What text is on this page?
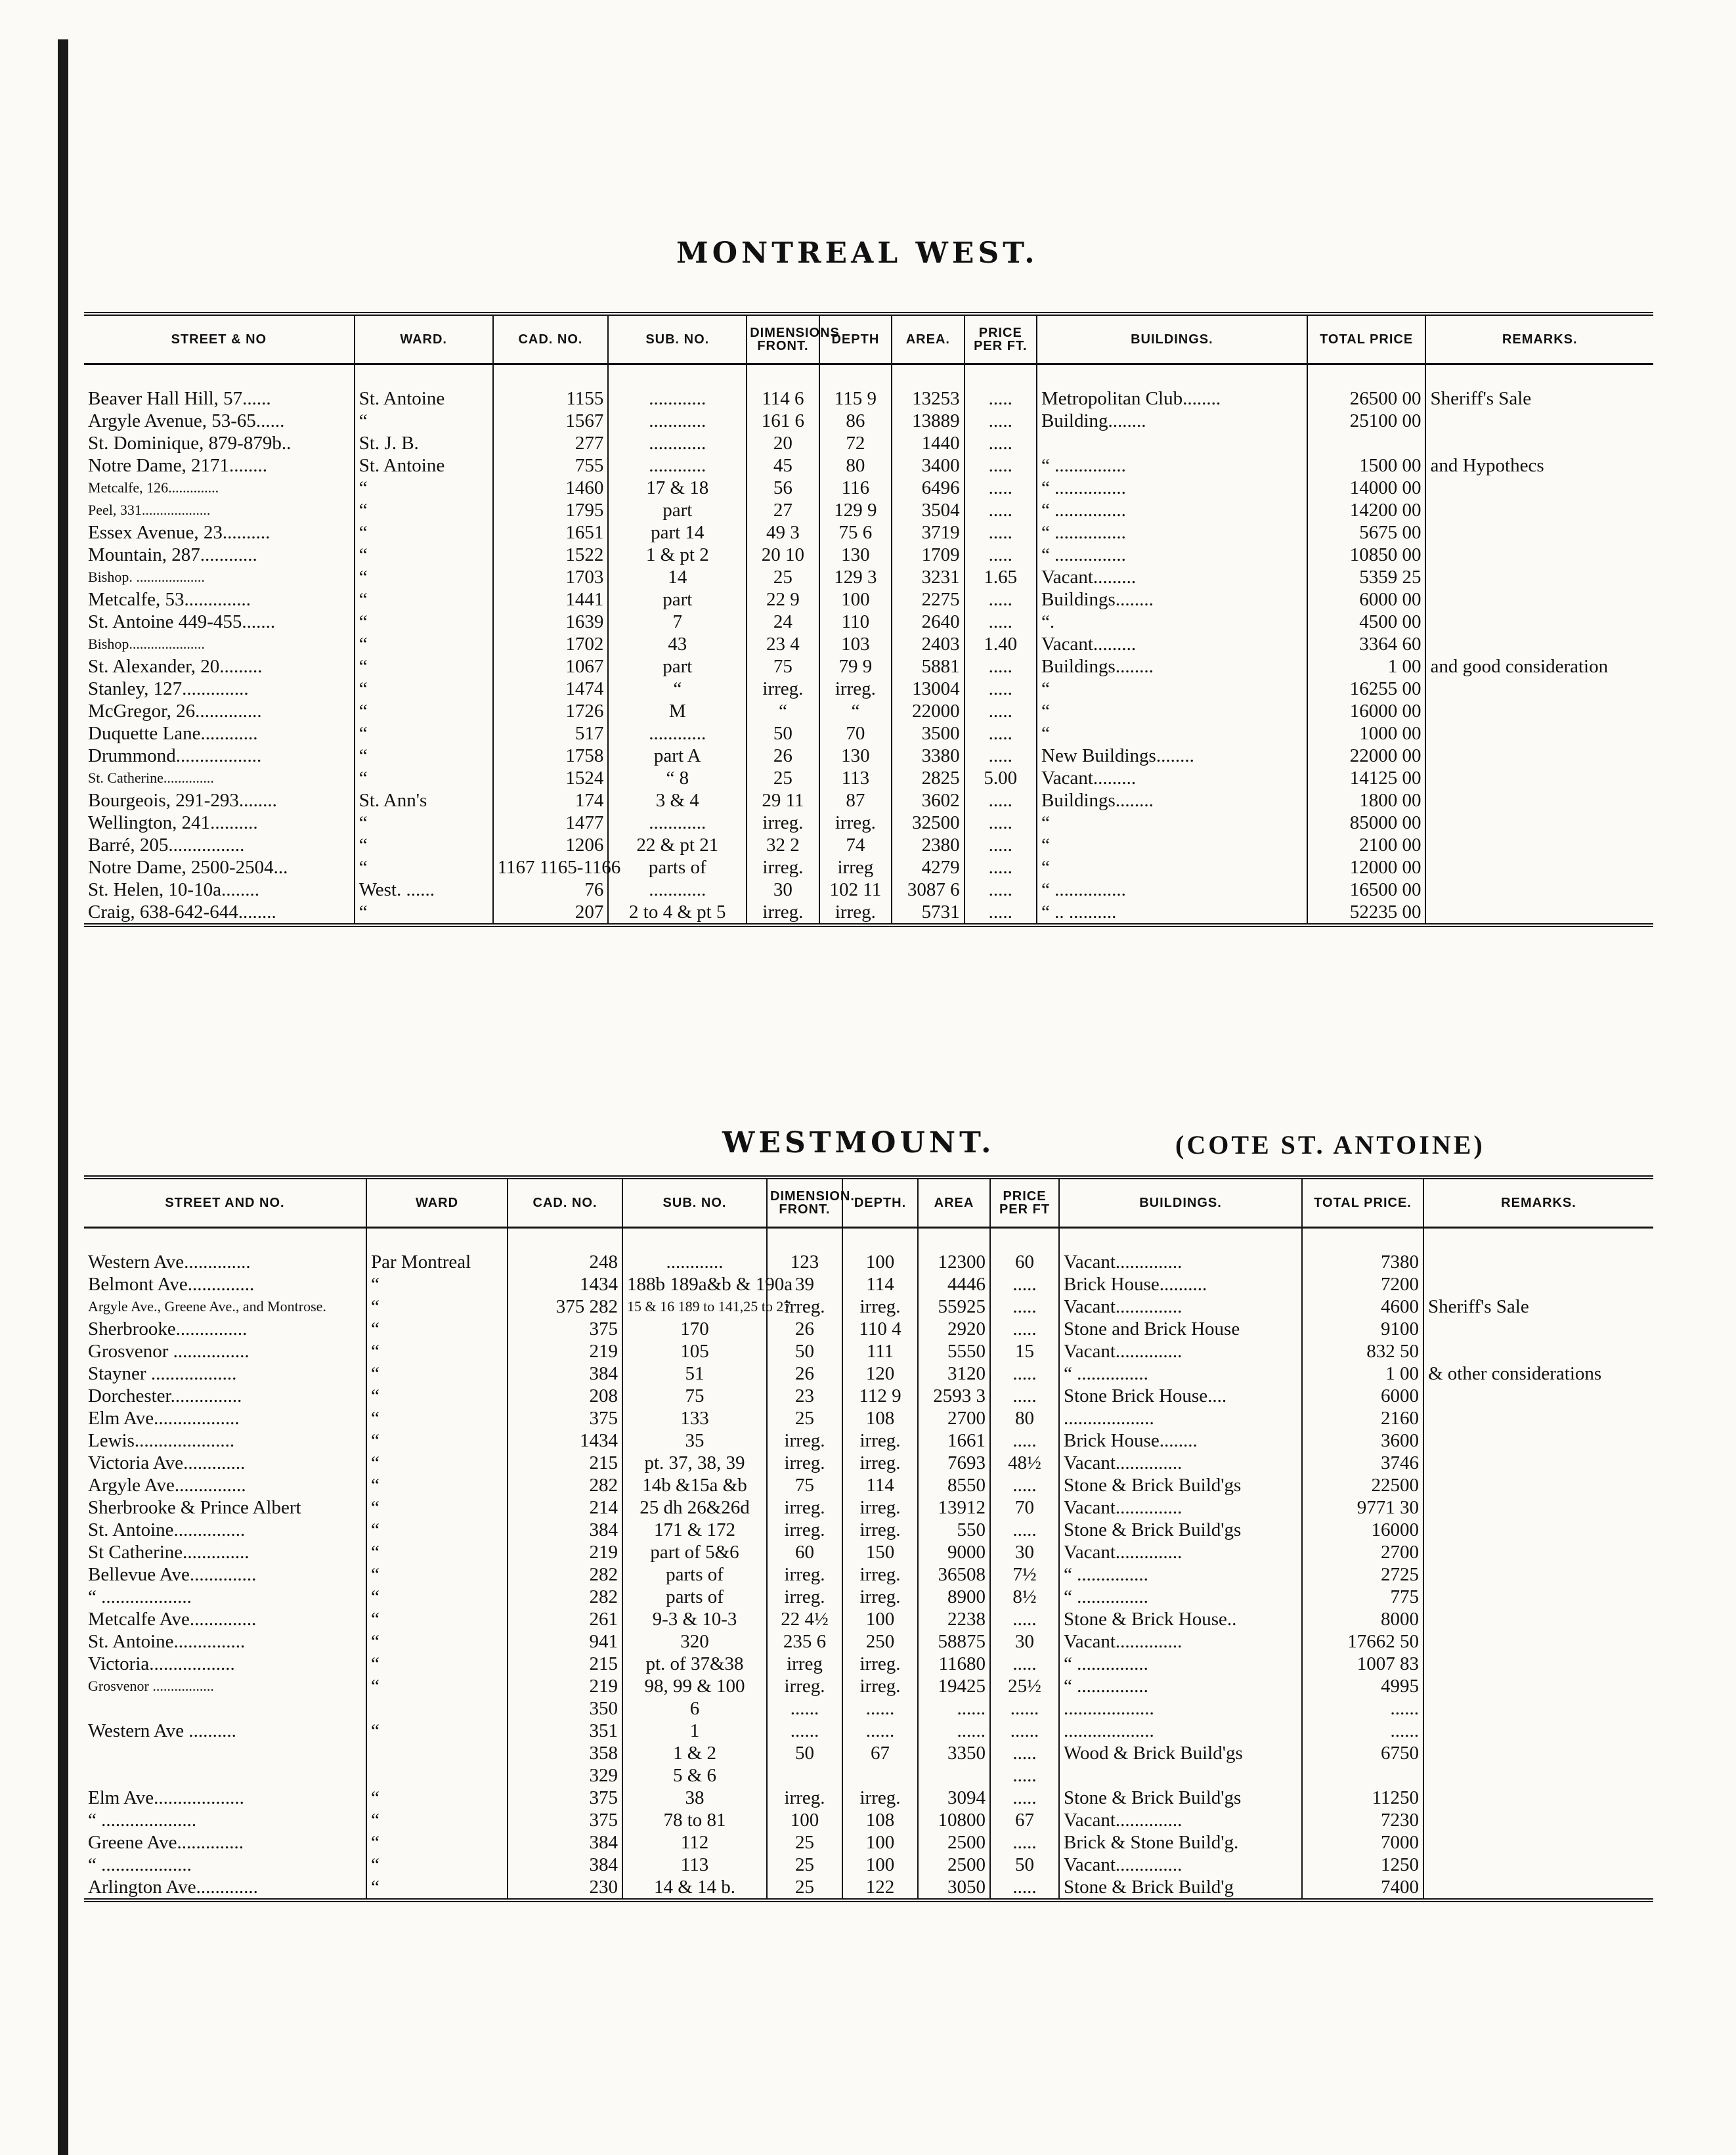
MONTREAL WEST.
STREET & NO	WARD.	CAD. NO.	SUB. NO.	DIMENSIONS FRONT.	DEPTH	AREA.	PRICE PER FT.	BUILDINGS.	TOTAL PRICE	REMARKS.

Beaver Hall Hill, 57......	St. Antoine	1155	............	114 6	115 9	13253	.....	Metropolitan Club........	26500 00	Sheriff's Sale
Argyle Avenue, 53-65......	“	1567	............	161 6	86	13889	.....	Building........	25100 00	
St. Dominique, 879-879b..	St. J. B.	277	............	20	72	1440	.....			
Notre Dame, 2171........	St. Antoine	755	............	45	80	3400	.....	“ ...............	1500 00	and Hypothecs
Metcalfe, 126..............	“	1460	17 & 18	56	116	6496	.....	“ ...............	14000 00	
Peel, 331...................	“	1795	part	27	129 9	3504	.....	“ ...............	14200 00	
Essex Avenue, 23..........	“	1651	part 14	49 3	75 6	3719	.....	“ ...............	5675 00	
Mountain, 287............	“	1522	1 & pt 2	20 10	130	1709	.....	“ ...............	10850 00	
Bishop. ...................	“	1703	14	25	129 3	3231	1.65	Vacant.........	5359 25	
Metcalfe, 53..............	“	1441	part	22 9	100	2275	.....	Buildings........	6000 00	
St. Antoine 449-455.......	“	1639	7	24	110	2640	.....	“.	4500 00	
Bishop.....................	“	1702	43	23 4	103	2403	1.40	Vacant.........	3364 60	
St. Alexander, 20.........	“	1067	part	75	79 9	5881	.....	Buildings........	1 00	and good consideration
Stanley, 127..............	“	1474	“	irreg.	irreg.	13004	.....	“	16255 00	
McGregor, 26..............	“	1726	M	“	“	22000	.....	“	16000 00	
Duquette Lane............	“	517	............	50	70	3500	.....	“	1000 00	
Drummond..................	“	1758	part A	26	130	3380	.....	New Buildings........	22000 00	
St. Catherine..............	“	1524	“ 8	25	113	2825	5.00	Vacant.........	14125 00	
Bourgeois, 291-293........	St. Ann's	174	3 & 4	29 11	87	3602	.....	Buildings........	1800 00	
Wellington, 241..........	“	1477	............	irreg.	irreg.	32500	.....	“	85000 00	
Barré, 205................	“	1206	22 & pt 21	32 2	74	2380	.....	“	2100 00	
Notre Dame, 2500-2504...	“	1167 1165-1166	parts of	irreg.	irreg	4279	.....	“	12000 00	
St. Helen, 10-10a........	West. ......	76	............	30	102 11	3087 6	.....	“ ...............	16500 00	
Craig, 638-642-644........	“	207	2 to 4 & pt 5	irreg.	irreg.	5731	.....	“ .. ..........	52235 00	
WESTMOUNT.	(COTE ST. ANTOINE)
STREET AND NO.	WARD	CAD. NO.	SUB. NO.	DIMENSION. FRONT.	DEPTH.	AREA	PRICE PER FT	BUILDINGS.	TOTAL PRICE.	REMARKS.

Western Ave..............	Par Montreal	248	............	123	100	12300	60	Vacant..............	7380	
Belmont Ave..............	“	1434	188b 189a&b & 190a	39	114	4446	.....	Brick House..........	7200	
Argyle Ave., Greene Ave., and Montrose.	“	375 282	15 & 16 189 to 141,25 to 27	irreg.	irreg.	55925	.....	Vacant..............	4600	Sheriff's Sale
Sherbrooke...............	“	375	170	26	110 4	2920	.....	Stone and Brick House	9100	
Grosvenor ................	“	219	105	50	111	5550	15	Vacant..............	832 50	
Stayner ..................	“	384	51	26	120	3120	.....	“ ...............	1 00	& other considerations
Dorchester...............	“	208	75	23	112 9	2593 3	.....	Stone Brick House....	6000	
Elm Ave..................	“	375	133	25	108	2700	80	...................	2160	
Lewis.....................	“	1434	35	irreg.	irreg.	1661	.....	Brick House........	3600	
Victoria Ave.............	“	215	pt. 37, 38, 39	irreg.	irreg.	7693	48½	Vacant..............	3746	
Argyle Ave...............	“	282	14b &15a &b	75	114	8550	.....	Stone & Brick Build'gs	22500	
Sherbrooke & Prince Albert	“	214	25 dh 26&26d	irreg.	irreg.	13912	70	Vacant..............	9771 30	
St. Antoine...............	“	384	171 & 172	irreg.	irreg.	550	.....	Stone & Brick Build'gs	16000	
St Catherine..............	“	219	part of 5&6	60	150	9000	30	Vacant..............	2700	
Bellevue Ave..............	“	282	parts of	irreg.	irreg.	36508	7½	“ ...............	2725	
“ ...................	“	282	parts of	irreg.	irreg.	8900	8½	“ ...............	775	
Metcalfe Ave..............	“	261	9-3 & 10-3	22 4½	100	2238	.....	Stone & Brick House..	8000	
St. Antoine...............	“	941	320	235 6	250	58875	30	Vacant..............	17662 50	
Victoria..................	“	215	pt. of 37&38	irreg	irreg.	11680	.....	“ ...............	1007 83	
Grosvenor .................	“	219	98, 99 & 100	irreg.	irreg.	19425	25½	“ ...............	4995	
		350	6	......	......	......	......	...................	......	
Western Ave ..........	“	351	1	......	......	......	......	...................	......	
		358	1 & 2	50	67	3350	.....	Wood & Brick Build'gs	6750	
		329	5 & 6				.....			
Elm Ave...................	“	375	38	irreg.	irreg.	3094	.....	Stone & Brick Build'gs	11250	
“ ....................	“	375	78 to 81	100	108	10800	67	Vacant..............	7230	
Greene Ave..............	“	384	112	25	100	2500	.....	Brick & Stone Build'g.	7000	
“ ...................	“	384	113	25	100	2500	50	Vacant..............	1250	
Arlington Ave.............	“	230	14 & 14 b.	25	122	3050	.....	Stone & Brick Build'g	7400	
